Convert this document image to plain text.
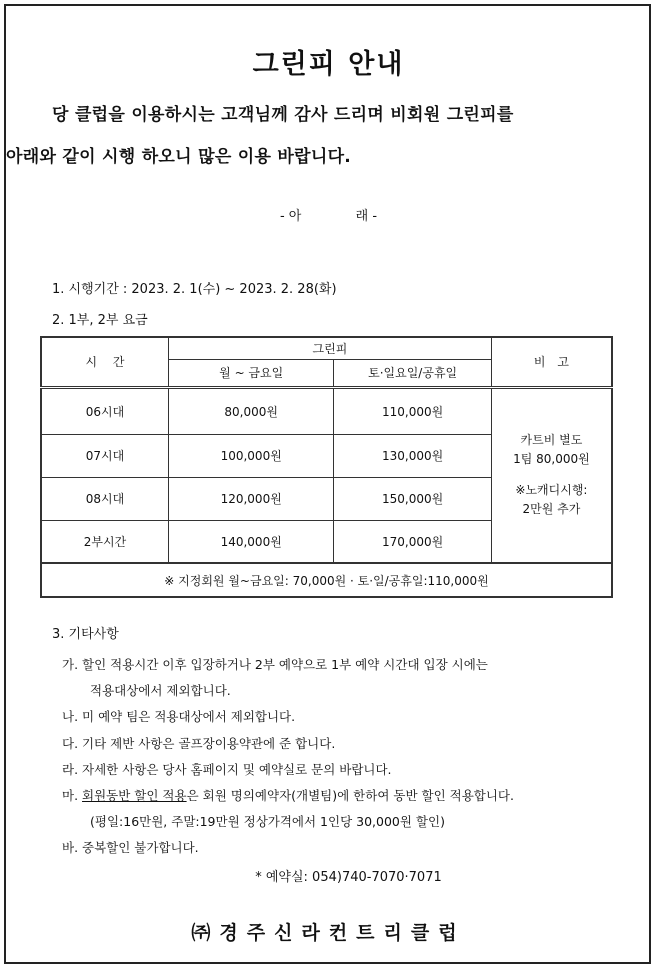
그린피 안내
당 클럽을 이용하시는 고객님께 감사 드리며 비회원 그린피를
아래와 같이 시행 하오니 많은 이용 바랍니다.
- 아	래 -
1. 시행기간 : 2023. 2. 1(수) ~ 2023. 2. 28(화)
2. 1부, 2부 요금
시　 간	그린피		비　고
	월 ~ 금요일	토·일요일/공휴일	
06시대	80,000원	110,000원	카트비 별도
1팀 80,000원
※노캐디시행:
2만원 추가

07시대	100,000원	130,000원	
08시대	120,000원	150,000원	
2부시간	140,000원	170,000원	
※ 지정회원 월~금요일: 70,000원 · 토·일/공휴일:110,000원			
3. 기타사항
가. 할인 적용시간 이후 입장하거나 2부 예약으로 1부 예약 시간대 입장 시에는
적용대상에서 제외합니다.
나. 미 예약 팀은 적용대상에서 제외합니다.
다. 기타 제반 사항은 골프장이용약관에 준 합니다.
라. 자세한 사항은 당사 홈페이지 및 예약실로 문의 바랍니다.
마. 회원동반 할인 적용은 회원 명의예약자(개별팀)에 한하여 동반 할인 적용합니다.
(평일:16만원, 주말:19만원 정상가격에서 1인당 30,000원 할인)
바. 중복할인 불가합니다.
* 예약실: 054)740-7070·7071
㈜경주신라컨트리클럽
